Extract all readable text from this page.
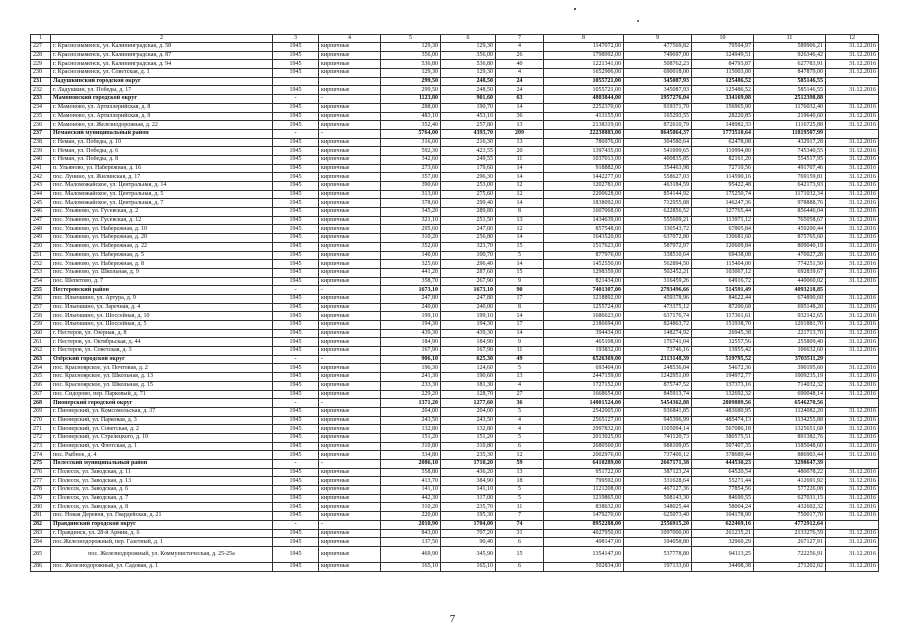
1	2	3	4	5	6	7	8	9	10	11	12
227	г. Краснознаменск, ул. Калининградская, д. 58	1945	кирпичные	129,30	129,30	4	1147072,00	477569,82	79594,97	589906,21	31.12.2016
228	г. Краснознаменск, ул. Калининградская, д. 87	1945	кирпичные	356,00	356,00	26	1798992,00	749697,00	124949,51	926346,42	31.12.2016
229	г. Краснознаменск, ул. Калининградская, д. 94	1945	кирпичные	536,80	536,80	40	1221341,00	508762,23	84793,87	627783,91	31.12.2016
230	г. Краснознаменск, ул. Советская, д. 1	1945	кирпичные	129,30	129,30	4	1652906,00	690018,00	115003,00	847879,00	31.12.2016
231	Ладушкинский городской округ			299,50	248,50	24	1055721,00	345087,93	125486,52	585146,55	
232	г. Ладушкин, ул. Победы, д. 17	1945	кирпичные	299,50	248,50	24	1055721,00	345087,93	125486,52	585146,55	31.12.2016
233	Мамоновский городской округ	-	-	1123,80	901,60	63	4803844,00	1957276,04	334169,08	2512398,88	
234	г. Мамоново, ул. Артиллерийская, д. 8	1945	кирпичные	288,00	190,70	14	2252370,00	919371,70	156965,90	1176032,40	31.12.2016
235	г. Мамоново, ул. Артиллерийская, д. 9	1945	кирпичные	483,10	453,10	36	413155,00	165293,55	28220,85	219640,60	31.12.2016
236	г. Мамоново, ул. Железнодорожная, д. 22	1945	кирпичные	352,40	257,80	13	2138319,00	872610,79	148982,33	1116725,88	31.12.2016
237	Неманский муниципальный район	-	-	5764,00	4393,70	209	22238883,00	8645864,37	1773510,64	11819507,99	
238	г. Неман, ул. Победы, д. 10	1945	кирпичные	316,00	216,30	13	786976,00	304580,64	62478,08	432917,28	31.12.2016
239	г. Неман, ул. Победы, д. 6	1945	кирпичные	592,30	423,55	20	1397435,00	541099,65	110994,80	745340,55	31.12.2016
240	г. Неман, ул. Победы, д. 8	1945	кирпичные	342,60	249,55	11	1037013,00	400835,85	82161,20	554517,95	31.12.2016
241	п. Ульяново, ул. Набережная, д. 16	1945	кирпичные	273,60	179,60	14	918882,00	354463,98	72710,56	491707,46	31.12.2016
242	пос. Лунино, ул. Жилинская, д. 17	1945	кирпичные	357,00	296,30	14	1442277,00	558627,03	114590,16	769159,81	31.12.2016
243	пос. Маломожайское, ул. Центральная, д. 14	1945	кирпичные	390,60	253,00	12	1202781,00	463184,59	95422,48	642173,93	31.12.2016
244	пос. Маломожайское, ул. Центральная, д. 5	1945	кирпичные	313,00	275,60	12	2200628,00	854144,92	175250,74	1171032,34	31.12.2016
245	пос. Маломожайское, ул. Центральная, д. 7	1945	кирпичные	378,60	299,40	14	1838092,00	712955,88	146247,36	978888,76	31.12.2016
246	пос. Ульяново, ул. Гусевская, д. 2	1945	кирпичные	345,20	289,80	8	1607068,00	622856,52	127765,44	856446,04	31.12.2016
247	пос. Ульяново, ул. Гусевская, д. 12	1945	кирпичные	321,10	251,50	13	1434639,00	555609,21	113971,12	765058,67	31.12.2016
248	пос. Ульяново, ул. Набережная, д. 10	1945	кирпичные	295,60	247,00	12	857548,00	330543,72	67805,84	459200,44	31.12.2016
249	пос. Ульяново, ул. Набережная, д. 20	1945	кирпичные	310,20	256,80	14	1643520,00	637072,80	130681,60	875765,60	31.12.2016
250	пос. Ульяново, ул. Набережная, д. 22	1945	кирпичные	352,60	323,70	15	1517623,00	587972,97	120609,84	809040,19	31.12.2016
251	пос. Ульяново, ул. Набережная, д. 5	1945	кирпичные	140,00	100,70	5	877976,00	338510,64	69438,08	470027,28	31.12.2016
252	пос. Ульяново, ул. Набережная, д. 8	1945	кирпичные	325,60	296,40	14	1452550,00	562894,50	115404,00	774251,50	31.12.2016
253	пос. Ульяново, ул. Школьная, д. 9	1945	кирпичные	441,20	287,60	15	1298359,00	502452,21	103067,12	692839,67	31.12.2016
254	пос. Шепетово, д. 7	1945	кирпичные	358,70	267,90	9	821434,00	316459,26	64916,72	440060,02	31.12.2016
255	Нестеровский район	-	-	1673,10	1673,10	90	7401307,00	2793496,66	514591,49	4093218,85	
256	пос. Ильюшино, ул. Артура, д. 9	1945	кирпичные	247,80	247,80	17	1218892,00	459378,96	84622,44	674890,60	31.12.2016
257	пос. Ильюшино, ул. Заречная, д. 4	1945	кирпичные	240,00	240,00	8	1255724,00	473375,12	87200,68	695148,20	31.12.2016
258	пос. Ильюшино, ул. Шоссейная, д. 10	1945	кирпичные	199,10	199,10	14	1686623,00	637176,74	117361,61	932142,65	31.12.2016
259	пос. Ильюшино, ул. Шоссейная, д. 5	1945	кирпичные	194,30	194,30	17	2186694,00	824863,72	151938,70	1201881,70	31.12.2016
260	г. Нестеров, ул. Озерная, д. 8	1945	кирпичные	439,30	439,30	14	394434,00	148274,92	26945,38	221713,70	31.12.2016
261	г. Нестеров, ул. Октябрьская, д. 44	1945	кирпичные	184,90	184,90	9	465108,00	176741,04	32557,56	255809,40	31.12.2016
262	г. Нестеров, ул. Советская, д. 3	1945	кирпичные	167,90	167,90	11	193832,00	73746,16	13955,42	106632,60	31.12.2016
263	Озёрский городской округ	-	-	906,10	625,30	49	6526369,00	2313148,39	519795,52	3703511,29	
264	пос. Красноярское, ул. Почтовая, д. 2	1945	кирпичные	196,30	124,60	5	693404,00	248536,04	54672,36	390195,60	31.12.2016
265	пос. Красноярское, ул. Школьная, д. 13	1945	кирпичные	241,30	190,60	13	2447159,00	1242951,09	194972,77	1009235,19	31.12.2016
266	пос. Красноярское, ул. Школьная, д. 15	1945	кирпичные	233,30	181,30	4	1727152,00	875747,52	137373,16	714032,32	31.12.2016
267	пос. Сидоровo, пер. Парковый, д. 71	1945	кирпичные	229,20	128,70	27	1668654,00	845913,74	132692,32	690048,14	31.12.2016
268	Пионерский городской округ	-	-	1371,20	1277,60	36	14801524,00	5454362,88	2809889,56	6546270,56	
269	г. Пионерский, ул. Комсомольская, д. 37	1945	кирпичные	204,00	204,00	5	2542005,00	936841,85	483680,95	1124082,20	31.12.2016
270	г. Пионерский, ул. Парковая, д. 3	1945	кирпичные	243,50	243,50	4	2565127,00	945396,99	485474,13	1134255,88	31.12.2016
271	г. Пионерский, ул. Советская, д. 2	1945	кирпичные	132,80	132,80	4	2997832,00	1105094,14	567086,18	1325651,68	31.12.2016
272	г. Пионерский, ул. Стрелецкого, д. 10	1945	кирпичные	151,20	151,20	5	2013025,00	741120,73	380575,51	891382,76	31.12.2016
273	г. Пионерский, ул. Флотская, д. 1	1945	кирпичные	310,80	310,80	6	2680560,00	988109,05	507407,35	1185048,60	31.12.2016
274	пос. Рыбное, д. 4	1945	кирпичные	334,80	235,30	12	2002976,00	737400,12	378689,44	886903,44	31.12.2016
275	Полесский муниципальный район	-	-	2086,10	1710,20	59	6410289,00	2667171,38	444530,23	3298647,39	
276	г. Полесск, ул. Заводская, д. 11	1945	кирпичные	558,80	436,20	13	951722,00	387123,24	64520,54	480078,22	31.12.2016
277	г. Полесск, ул. Заводская, д. 13	1945	кирпичные	413,70	384,90	18	799592,00	331628,64	55271,44	412691,92	31.12.2016
278	г. Полесск, ул. Заводская, д. 6	1945	кирпичные	141,10	141,10	5	1121208,00	467127,36	77854,56	577226,08	31.12.2016
279	г. Полесск, ул. Заводская, д. 7	1945	кирпичные	442,30	317,00	5	1219865,00	508143,30	84690,55	627031,15	31.12.2016
280	г. Полесск, ул. Заводская, д. 8	1945	кирпичные	310,20	235,70	11	838632,00	348025,44	58004,24	432602,32	31.12.2016
281	пос. Новая Деревня, ул. Гвардейская, д. 21	1945	кирпичные	220,00	195,30	7	1479270,00	625073,40	104178,90	750017,70	31.12.2016
282	Правдинский городской округ	-	-	2010,90	1704,00	74	8952288,00	2556915,20	622469,16	4772912,64	
283	г. Правдинск, ул. 28-й Армии, д. 6	1945	кирпичные	843,00	707,20	31	4027950,00	1097000,00	261235,21	2133276,59	31.12.2016
284	пос.Железнодорожный, пер. Газетный, д. 1	1945	кирпичные	137,50	90,40	6	498147,00	194058,80	32960,29	267127,91	31.12.2016
285	пос. Железнодорожный, ул. Коммунистическая, д. 25-25а	1945	кирпичные	469,90	345,90	15	1354147,00	537778,80	94113,25	722256,91	31.12.2016
286	пос. Железнодорожный, ул. Садовая, д. 1	1945	кирпичные	165,10	165,10	6	502834,00	197133,60	34498,38	271202,02	31.12.2016
7
